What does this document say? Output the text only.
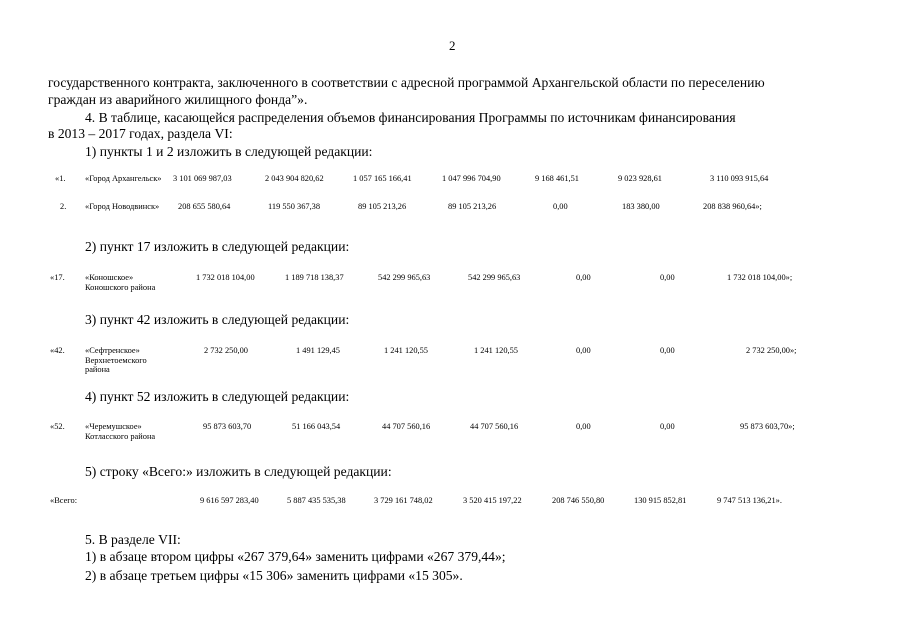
2
государственного контракта, заключенного в соответствии с адресной программой Архангельской области по переселению
граждан из аварийного жилищного фонда”».
4. В таблице, касающейся распределения объемов финансирования Программы по источникам финансирования
в 2013 – 2017 годах, раздела VI:
1) пункты 1 и 2 изложить в следующей редакции:
«1. «Город Архангельск»	3 101 069 987,03	2 043 904 820,62	1 057 165 166,41	1 047 996 704,90	9 168 461,51	9 023 928,61	3 110 093 915,64
2. «Город Новодвинск»	208 655 580,64	119 550 367,38	89 105 213,26	89 105 213,26	0,00	183 380,00	208 838 960,64»;
2) пункт 17 изложить в следующей редакции:
«17. «Коношское» Коношского района
1 732 018 104,00	1 189 718 138,37	542 299 965,63	542 299 965,63	0,00	0,00	1 732 018 104,00»;
3) пункт 42 изложить в следующей редакции:
«42. «Сефтренское» Верхнетоемского района
2 732 250,00	1 491 129,45	1 241 120,55	1 241 120,55	0,00	0,00	2 732 250,00»;
4) пункт 52 изложить в следующей редакции:
«52. «Черемушское» Котласского района
95 873 603,70	51 166 043,54	44 707 560,16	44 707 560,16	0,00	0,00	95 873 603,70»;
5) строку «Всего:» изложить в следующей редакции:
«Всего:	9 616 597 283,40	5 887 435 535,38	3 729 161 748,02	3 520 415 197,22	208 746 550,80	130 915 852,81	9 747 513 136,21».
5. В разделе VII:
1) в абзаце втором цифры «267 379,64» заменить цифрами «267 379,44»;
2) в абзаце третьем цифры «15 306» заменить цифрами «15 305».
